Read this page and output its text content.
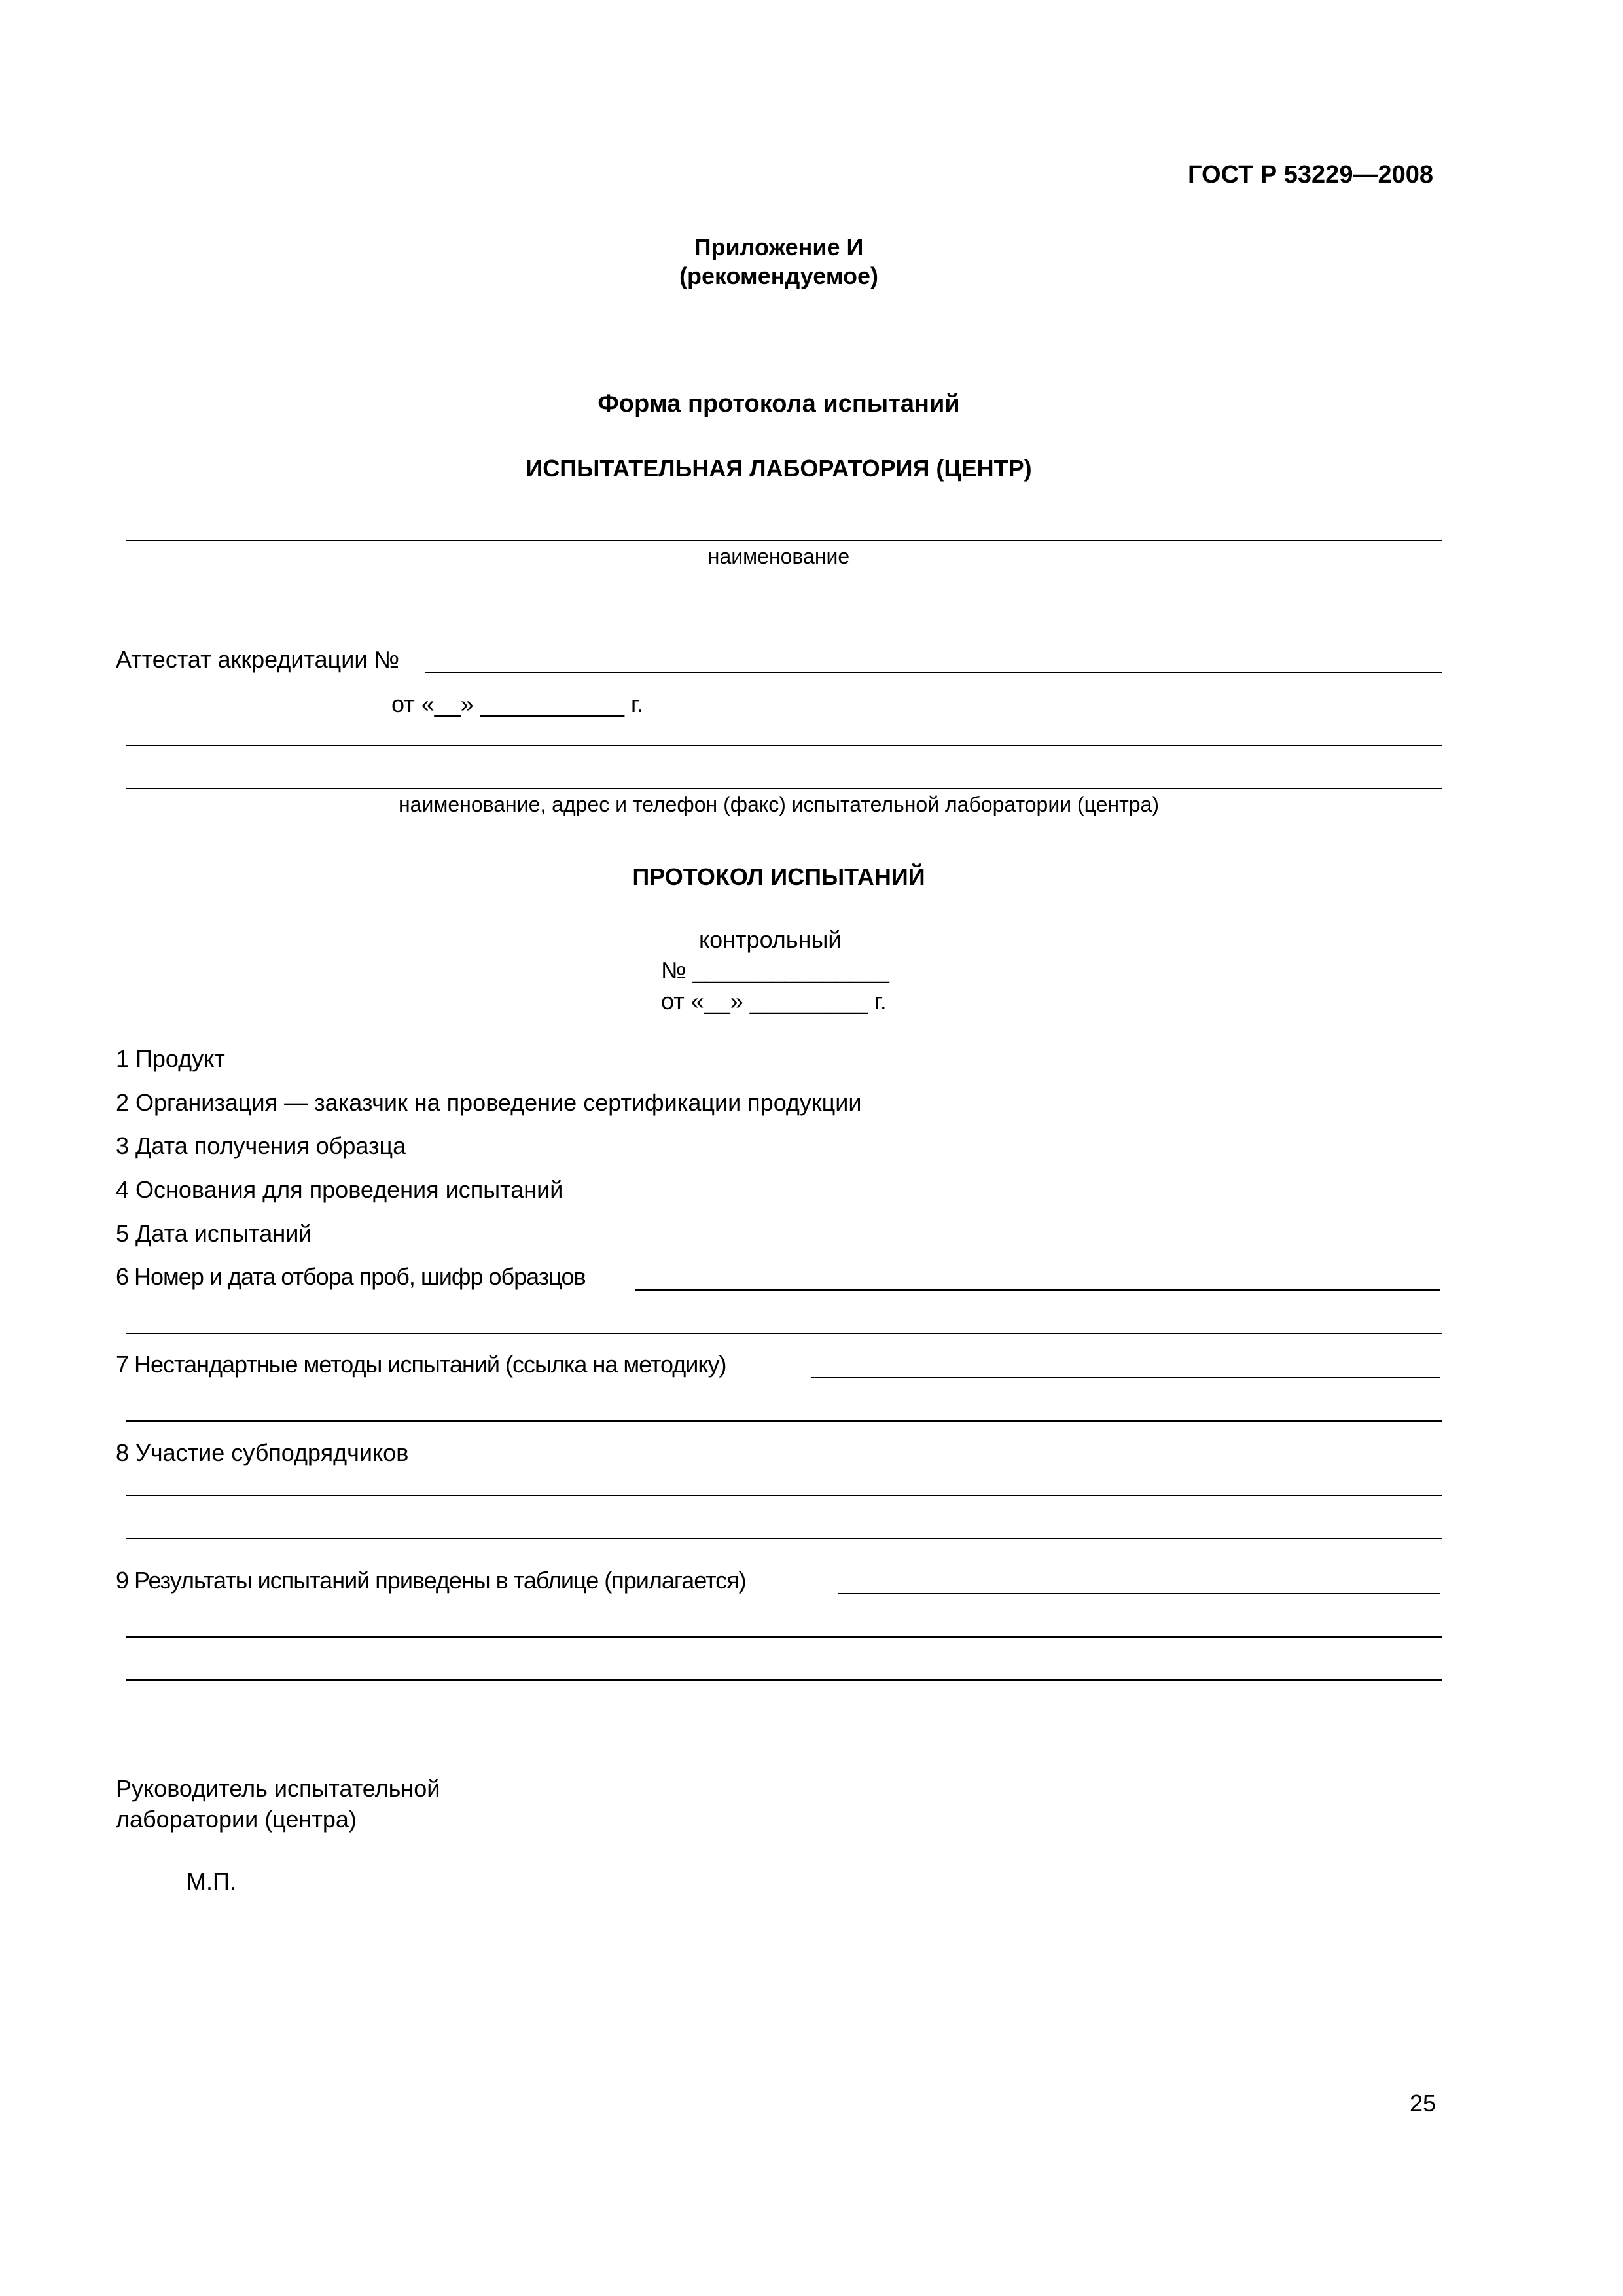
ГОСТ Р 53229—2008
Приложение И
(рекомендуемое)
Форма протокола испытаний
ИСПЫТАТЕЛЬНАЯ ЛАБОРАТОРИЯ (ЦЕНТР)
наименование
Аттестат аккредитации №
от «__» ___________ г.
наименование, адрес и телефон (факс) испытательной лаборатории (центра)
ПРОТОКОЛ ИСПЫТАНИЙ
контрольный
№ _______________
от «__» _________ г.
1 Продукт
2 Организация — заказчик на проведение сертификации продукции
3 Дата получения образца
4 Основания для проведения испытаний
5 Дата испытаний
6 Номер и дата отбора проб, шифр образцов
7 Нестандартные методы испытаний (ссылка на методику)
8 Участие субподрядчиков
9 Результаты испытаний приведены в таблице (прилагается)
Руководитель испытательной
лаборатории (центра)
М.П.
25
